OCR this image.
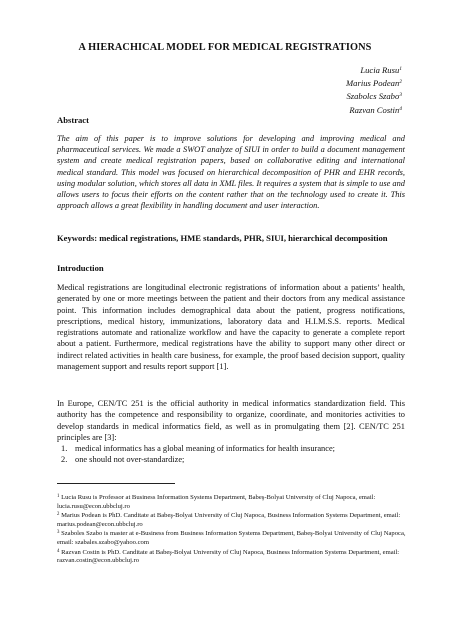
A HIERACHICAL MODEL FOR MEDICAL REGISTRATIONS
Lucia Rusu$^1$
Marius Podean$^2$
Szabolcs Szabo$^3$
Razvan Costin$^4$
Abstract
The aim of this paper is to improve solutions for developing and improving medical and pharmaceutical services. We made a SWOT analyze of SIUI in order to build a document management system and create medical registration papers, based on collaborative editing and international medical standard. This model was focused on hierarchical decomposition of PHR and EHR records, using modular solution, which stores all data in XML files. It requires a system that is simple to use and allows users to focus their efforts on the content rather that on the technology used to create it. This approach allows a great flexibility in handling document and user interaction.
Keywords: medical registrations, HME standards, PHR, SIUI, hierarchical decomposition
Introduction
Medical registrations are longitudinal electronic registrations of information about a patients’ health, generated by one or more meetings between the patient and their doctors from any medical assistance point. This information includes demographical data about the patient, progress notifications, prescriptions, medical history, immunizations, laboratory data and H.I.M.S.S. reports. Medical registrations automate and rationalize workflow and have the capacity to generate a complete report about a patient. Furthermore, medical registrations have the ability to support many other direct or indirect related activities in health care business, for example, the proof based decision support, quality management support and results report support [1].
In Europe, CEN/TC 251 is the official authority in medical informatics standardization field. This authority has the competence and responsibility to organize, coordinate, and monitories activities to develop standards in medical informatics field, as well as in promulgating them [2]. CEN/TC 251 principles are [3]:
1. medical informatics has a global meaning of informatics for health insurance;
2. one should not over-standardize;

$^1$ Lucia Rusu is Professor at Business Information Systems Department, Babeş-Bolyai University of Cluj Napoca, email: lucia.rusu@econ.ubbcluj.ro

$^2$ Marius Podean is PhD. Canditate at Babeş-Bolyai University of Cluj Napoca, Business Information Systems Department, email: marius.podean@econ.ubbcluj.ro

$^3$ Szaboles Szabo is master at e-Business from Business Information Systems Department, Babeş-Bolyai University of Cluj Napoca, email: szabales.szabo@yahoo.com

$^4$ Razvan Costin is PhD. Canditate at Babeş-Bolyai University of Cluj Napoca, Business Information Systems Department, email: razvan.costin@econ.ubbcluj.ro
